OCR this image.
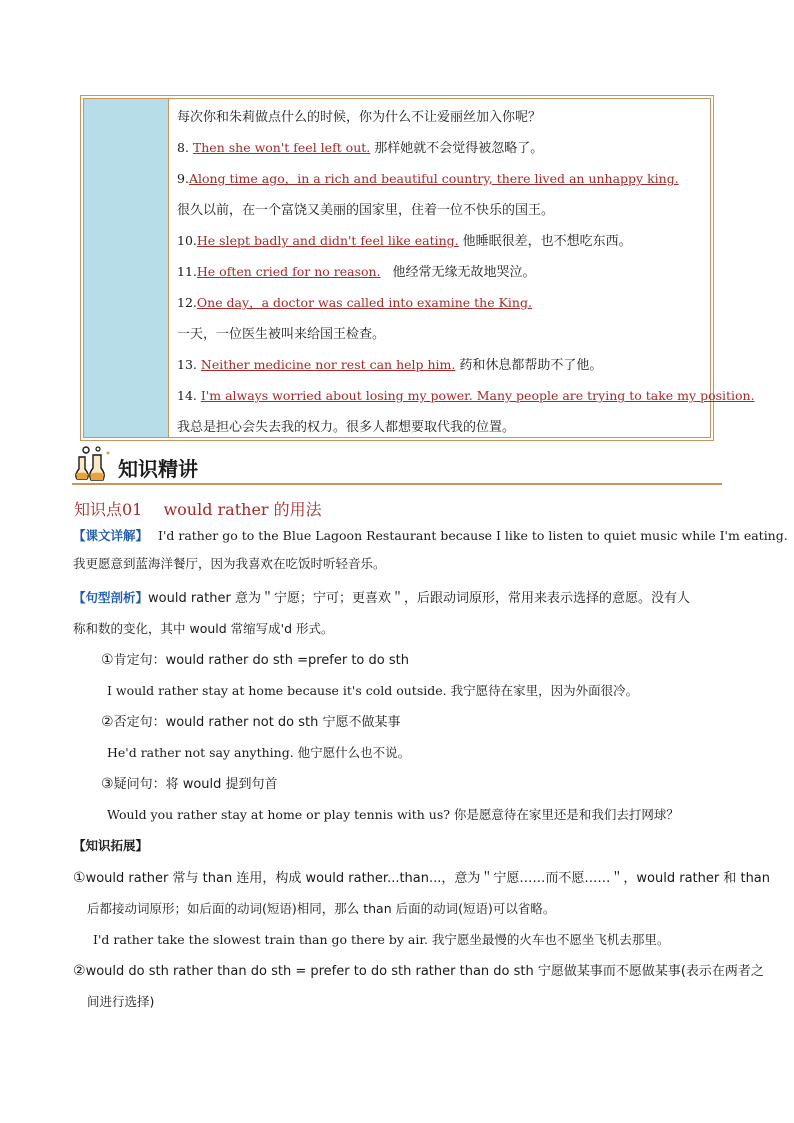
每次你和朱莉做点什么的时候，你为什么不让爱丽丝加入你呢？
8. Then she won't feel left out. 那样她就不会觉得被忽略了。
9.Along time ago，in a rich and beautiful country, there lived an unhappy king.
很久以前，在一个富饶又美丽的国家里，住着一位不快乐的国王。
10.He slept badly and didn't feel like eating. 他睡眠很差，也不想吃东西。
11.He often cried for no reason. 他经常无缘无故地哭泣。
12.One day，a doctor was called into examine the King.
一天，一位医生被叫来给国王检查。
13. Neither medicine nor rest can help him. 药和休息都帮助不了他。
14. I'm always worried about losing my power. Many people are trying to take my position.
我总是担心会失去我的权力。很多人都想要取代我的位置。
知识精讲
知识点01　 would rather 的用法
【课文详解】 I'd rather go to the Blue Lagoon Restaurant because I like to listen to quiet music while I'm eating.
我更愿意到蓝海洋餐厅，因为我喜欢在吃饭时听轻音乐。
【句型剖析】would rather 意为＂宁愿；宁可；更喜欢＂，后跟动词原形，常用来表示选择的意愿。没有人
称和数的变化，其中 would 常缩写成'd 形式。
①肯定句：would rather do sth =prefer to do sth
I would rather stay at home because it's cold outside. 我宁愿待在家里，因为外面很冷。
②否定句：would rather not do sth 宁愿不做某事
He'd rather not say anything. 他宁愿什么也不说。
③疑问句：将 would 提到句首
Would you rather stay at home or play tennis with us? 你是愿意待在家里还是和我们去打网球？
【知识拓展】
①would rather 常与 than 连用，构成 would rather...than...，意为＂宁愿……而不愿……＂，would rather 和 than
后都接动词原形；如后面的动词(短语)相同，那么 than 后面的动词(短语)可以省略。
I'd rather take the slowest train than go there by air. 我宁愿坐最慢的火车也不愿坐飞机去那里。
②would do sth rather than do sth = prefer to do sth rather than do sth 宁愿做某事而不愿做某事(表示在两者之
间进行选择)
